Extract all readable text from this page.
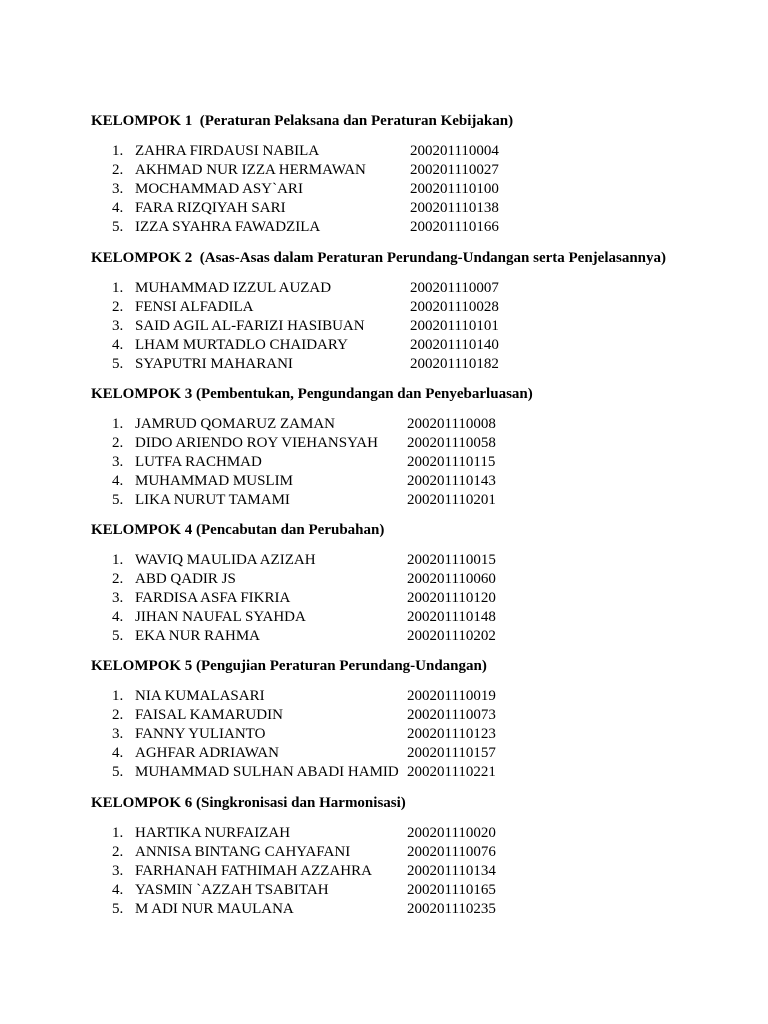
KELOMPOK 1 (Peraturan Pelaksana dan Peraturan Kebijakan)
1. ZAHRA FIRDAUSI NABILA	200201110004
2. AKHMAD NUR IZZA HERMAWAN	200201110027
3. MOCHAMMAD ASY`ARI	200201110100
4. FARA RIZQIYAH SARI	200201110138
5. IZZA SYAHRA FAWADZILA	200201110166
KELOMPOK 2 (Asas-Asas dalam Peraturan Perundang-Undangan serta Penjelasannya)
1. MUHAMMAD IZZUL AUZAD	200201110007
2. FENSI ALFADILA	200201110028
3. SAID AGIL AL-FARIZI HASIBUAN	200201110101
4. LHAM MURTADLO CHAIDARY	200201110140
5. SYAPUTRI MAHARANI	200201110182
KELOMPOK 3 (Pembentukan, Pengundangan dan Penyebarluasan)
1. JAMRUD QOMARUZ ZAMAN	200201110008
2. DIDO ARIENDO ROY VIEHANSYAH 200201110058
3. LUTFA RACHMAD	200201110115
4. MUHAMMAD MUSLIM	200201110143
5. LIKA NURUT TAMAMI	200201110201
KELOMPOK 4 (Pencabutan dan Perubahan)
1. WAVIQ MAULIDA AZIZAH	200201110015
2. ABD QADIR JS	200201110060
3. FARDISA ASFA FIKRIA	200201110120
4. JIHAN NAUFAL SYAHDA	200201110148
5. EKA NUR RAHMA	200201110202
KELOMPOK 5 (Pengujian Peraturan Perundang-Undangan)
1. NIA KUMALASARI	200201110019
2. FAISAL KAMARUDIN	200201110073
3. FANNY YULIANTO	200201110123
4. AGHFAR ADRIAWAN	200201110157
5. MUHAMMAD SULHAN ABADI HAMID 200201110221
KELOMPOK 6 (Singkronisasi dan Harmonisasi)
1. HARTIKA NURFAIZAH	200201110020
2. ANNISA BINTANG CAHYAFANI	200201110076
3. FARHANAH FATHIMAH AZZAHRA 200201110134
4. YASMIN `AZZAH TSABITAH	200201110165
5. M ADI NUR MAULANA	200201110235
